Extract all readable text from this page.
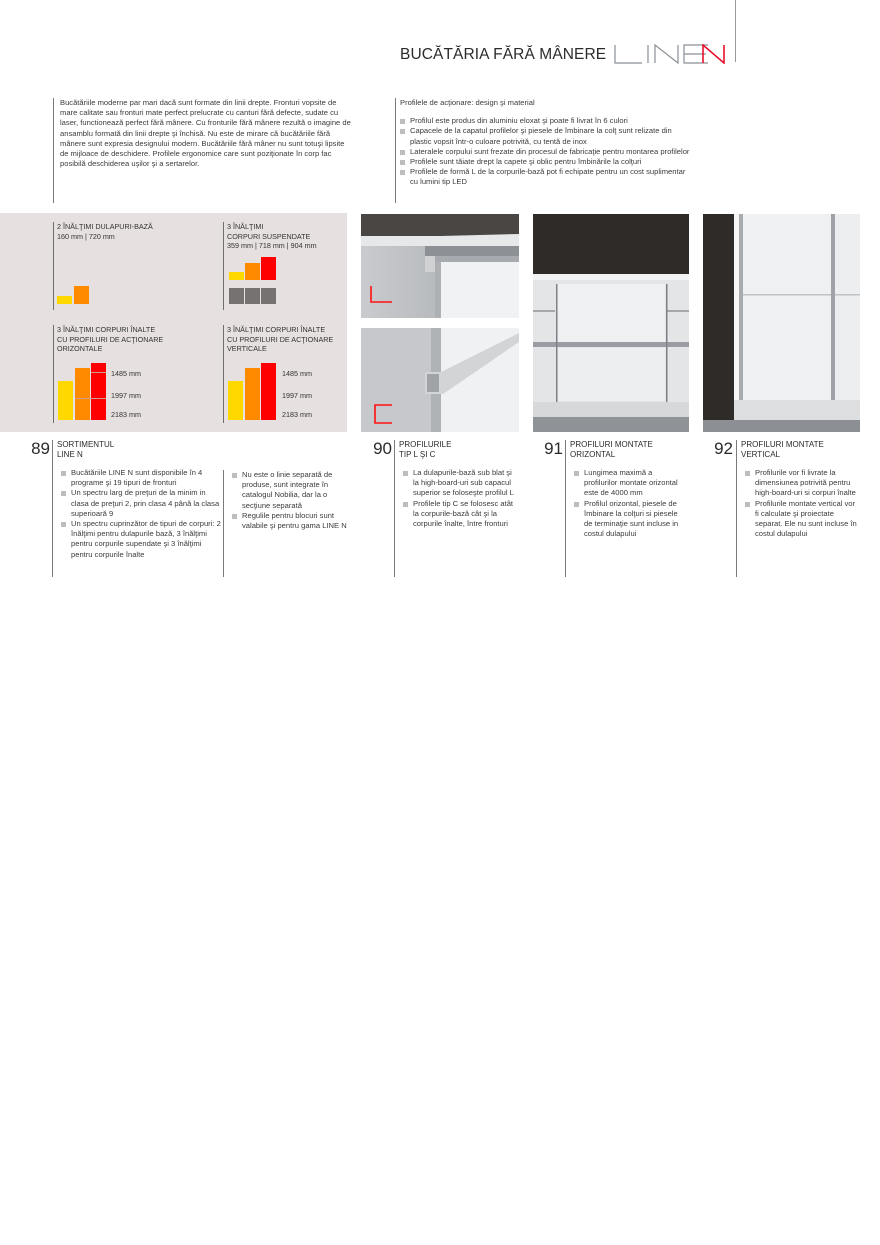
BUCĂTĂRIA FĂRĂ MÂNERE

Bucătăriile moderne par mari dacă sunt formate din linii drepte. Fronturi vopsite de mare calitate sau fronturi mate perfect prelucrate cu canturi fără defecte, sudate cu laser, functionează perfect fără mânere. Cu fronturile fără mânere rezultă o imagine de ansamblu formată din linii drepte şi închisă. Nu este de mirare că bucătăriile fără mânere sunt expresia designului modern. Bucătăriile fără mâner nu sunt totuşi lipsite de mijloace de deschidere. Profilele ergonomice care sunt poziţionate în corp fac posibilă deschiderea uşilor şi a sertarelor.

Profilele de acţionare: design şi material
Profilul este produs din aluminiu eloxat şi poate fi livrat în 6 culori
Capacele de la capatul profilelor şi piesele de îmbinare la colţ sunt relizate din plastic vopsit într-o culoare potrivită, cu tentă de inox
Lateralele corpului sunt frezate din procesul de fabricaţie pentru montarea profilelor
Profilele sunt tăiate drept la capete şi oblic pentru îmbinările la colţuri
Profilele de formă L de la corpurile-bază pot fi echipate pentru un cost suplimentar cu lumini tip LED
2 ÎNĂLŢIMI DULAPURI-BAZĂ
160 mm | 720 mm
3 ÎNĂLŢIMI
CORPURI SUSPENDATE
359 mm | 718 mm | 904 mm
3 ÎNĂLŢIMI CORPURI ÎNALTE
CU PROFILURI DE ACŢIONARE
ORIZONTALE
1485 mm
1997 mm
2183 mm
3 ÎNĂLŢIMI CORPURI ÎNALTE
CU PROFILURI DE ACŢIONARE
VERTICALE
1485 mm
1997 mm
2183 mm
89 SORTIMENTUL
LINE N
Bucătăriile LINE N sunt disponibile în 4 programe şi 19 tipuri de fronturi
Un spectru larg de preţuri de la minim in clasa de preţuri 2, prin clasa 4 până la clasa superioară 9
Un spectru cuprinzător de tipuri de corpuri: 2 înălţimi pentru dulapurile bază, 3 înălţimi pentru corpurile supendate şi 3 înălţimi pentru corpurile înalte
Nu este o linie separată de produse, sunt integrate în catalogul Nobilia, dar la o secţiune separată
Regulile pentru blocuri sunt valabile şi pentru gama LINE N
90 PROFILURILE
TIP L ŞI C
La dulapurile-bază sub blat şi la high-board-uri sub capacul superior se foloseşte profilul L
Profilele tip C se folosesc atât la corpurile-bază cât şi la corpurile înalte, între fronturi
91 PROFILURI MONTATE
ORIZONTAL
Lungimea maximă a profilurilor montate orizontal este de 4000 mm
Profilul orizontal, piesele de îmbinare la colţuri si piesele de terminaţie sunt incluse in costul dulapului
92 PROFILURI MONTATE
VERTICAL
Profilurile vor fi livrate la dimensiunea potrivită pentru high-board-uri si corpuri înalte
Profilurile montate vertical vor fi calculate şi proiectate separat. Ele nu sunt incluse în costul dulapului
